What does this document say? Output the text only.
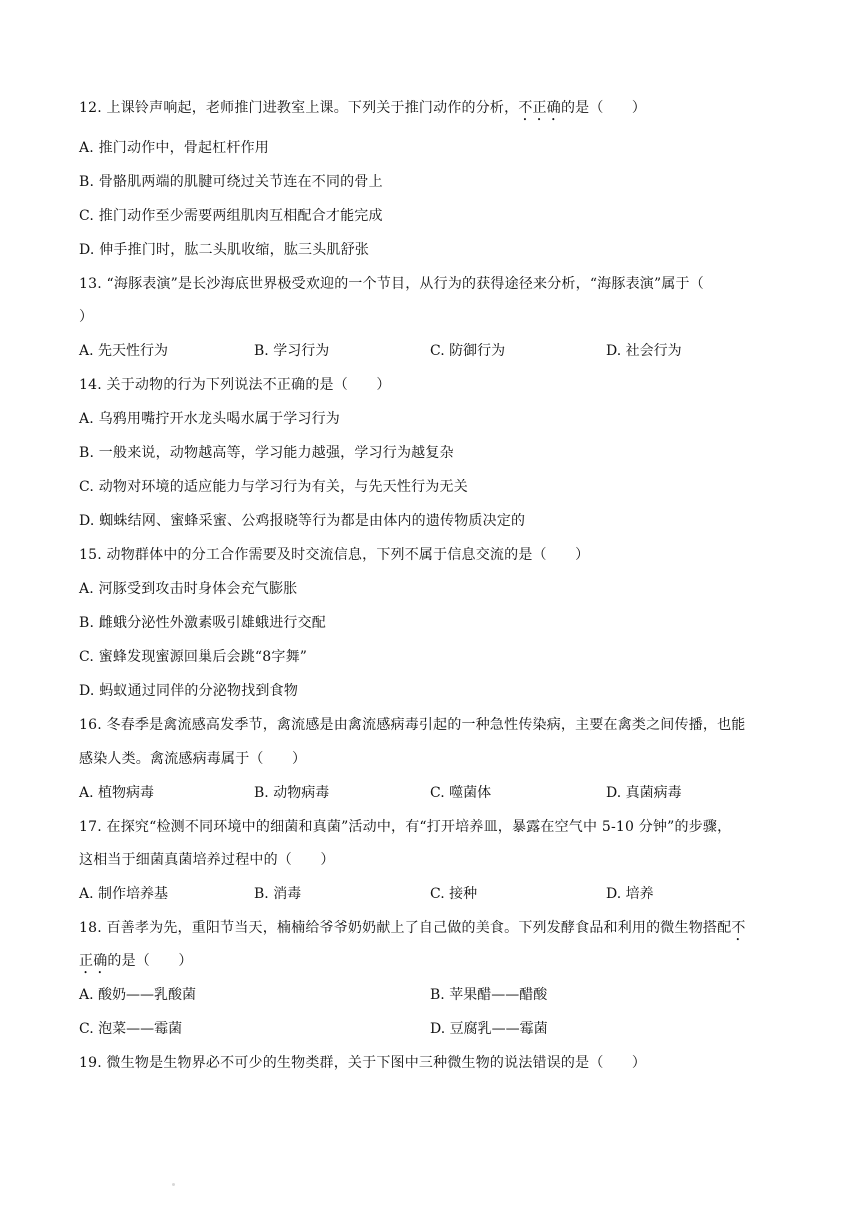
12. 上课铃声响起，老师推门进教室上课。下列关于推门动作的分析，不正确的是（　　）
A. 推门动作中，骨起杠杆作用
B. 骨骼肌两端的肌腱可绕过关节连在不同的骨上
C. 推门动作至少需要两组肌肉互相配合才能完成
D. 伸手推门时，肱二头肌收缩，肱三头肌舒张
13. “海豚表演”是长沙海底世界极受欢迎的一个节目，从行为的获得途径来分析，“海豚表演”属于（
）
A. 先天性行为	B. 学习行为	C. 防御行为	D. 社会行为
14. 关于动物的行为下列说法不正确的是（　　）
A. 乌鸦用嘴拧开水龙头喝水属于学习行为
B. 一般来说，动物越高等，学习能力越强，学习行为越复杂
C. 动物对环境的适应能力与学习行为有关，与先天性行为无关
D. 蜘蛛结网、蜜蜂采蜜、公鸡报晓等行为都是由体内的遗传物质决定的
15. 动物群体中的分工合作需要及时交流信息，下列不属于信息交流的是（　　）
A. 河豚受到攻击时身体会充气膨胀
B. 雌蛾分泌性外激素吸引雄蛾进行交配
C. 蜜蜂发现蜜源回巢后会跳“8字舞”
D. 蚂蚁通过同伴的分泌物找到食物
16. 冬春季是禽流感高发季节，禽流感是由禽流感病毒引起的一种急性传染病，主要在禽类之间传播，也能
感染人类。禽流感病毒属于（　　）
A. 植物病毒	B. 动物病毒	C. 噬菌体	D. 真菌病毒
17. 在探究“检测不同环境中的细菌和真菌”活动中，有“打开培养皿，暴露在空气中 5-10 分钟”的步骤，
这相当于细菌真菌培养过程中的（　　）
A. 制作培养基	B. 消毒	C. 接种	D. 培养
18. 百善孝为先，重阳节当天，楠楠给爷爷奶奶献上了自己做的美食。下列发酵食品和利用的微生物搭配不
正确的是（　　）
A. 酸奶——乳酸菌	B. 苹果醋——醋酸
C. 泡菜——霉菌	D. 豆腐乳——霉菌
19. 微生物是生物界必不可少的生物类群，关于下图中三种微生物的说法错误的是（　　）
